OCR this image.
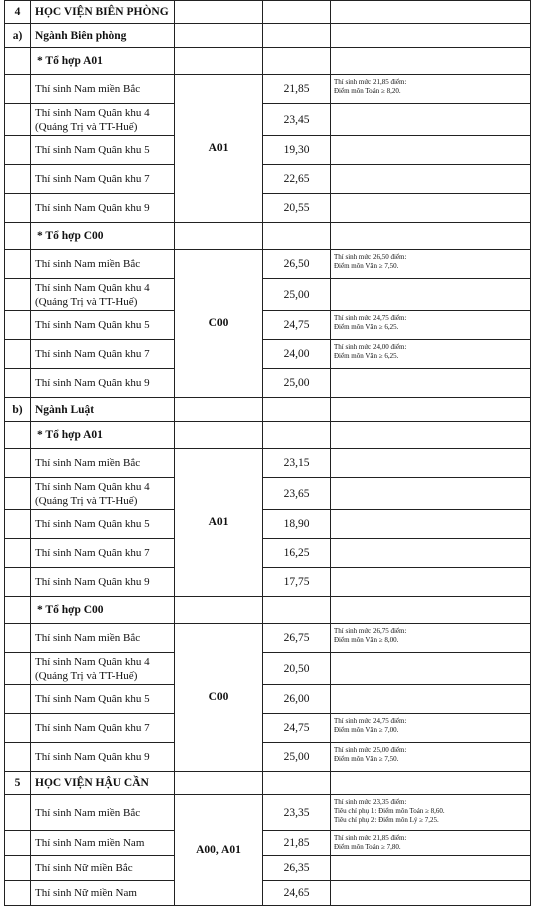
4	HỌC VIỆN BIÊN PHÒNG			
a)	Ngành Biên phòng			
	* Tổ hợp A01			
	Thí sinh Nam miền Bắc	A01	21,85	Thí sinh mức 21,85 điểm:
Điểm môn Toán ≥ 8,20.

	Thí sinh Nam Quân khu 4 (Quảng Trị và TT-Huế)		23,45	
	Thí sinh Nam Quân khu 5		19,30	
	Thí sinh Nam Quân khu 7		22,65	
	Thí sinh Nam Quân khu 9		20,55	
	* Tổ hợp C00			
	Thí sinh Nam miền Bắc	C00	26,50	Thí sinh mức 26,50 điểm:
Điểm môn Văn ≥ 7,50.

	Thí sinh Nam Quân khu 4 (Quảng Trị và TT-Huế)		25,00	
	Thí sinh Nam Quân khu 5		24,75	Thí sinh mức 24,75 điểm:
Điểm môn Văn ≥ 6,25.

	Thí sinh Nam Quân khu 7		24,00	Thí sinh mức 24,00 điểm:
Điểm môn Văn ≥ 6,25.

	Thí sinh Nam Quân khu 9		25,00	
b)	Ngành Luật			
	* Tổ hợp A01			
	Thí sinh Nam miền Bắc	A01	23,15	
	Thí sinh Nam Quân khu 4 (Quảng Trị và TT-Huế)		23,65	
	Thí sinh Nam Quân khu 5		18,90	
	Thí sinh Nam Quân khu 7		16,25	
	Thí sinh Nam Quân khu 9		17,75	
	* Tổ hợp C00			
	Thí sinh Nam miền Bắc	C00	26,75	Thí sinh mức 26,75 điểm:
Điểm môn Văn ≥ 8,00.

	Thí sinh Nam Quân khu 4 (Quảng Trị và TT-Huế)		20,50	
	Thí sinh Nam Quân khu 5		26,00	
	Thí sinh Nam Quân khu 7		24,75	Thí sinh mức 24,75 điểm:
Điểm môn Văn ≥ 7,00.

	Thí sinh Nam Quân khu 9		25,00	Thí sinh mức 25,00 điểm:
Điểm môn Văn ≥ 7,50.

5	HỌC VIỆN HẬU CẦN			
	Thí sinh Nam miền Bắc	A00, A01	23,35	Thí sinh mức 23,35 điểm:
Tiêu chí phụ 1: Điểm môn Toán ≥ 8,60.
Tiêu chí phụ 2: Điểm môn Lý ≥ 7,25.

	Thí sinh Nam miền Nam		21,85	Thí sinh mức 21,85 điểm:
Điểm môn Toán ≥ 7,80.

	Thí sinh Nữ miền Bắc		26,35	
	Thí sinh Nữ miền Nam		24,65	
